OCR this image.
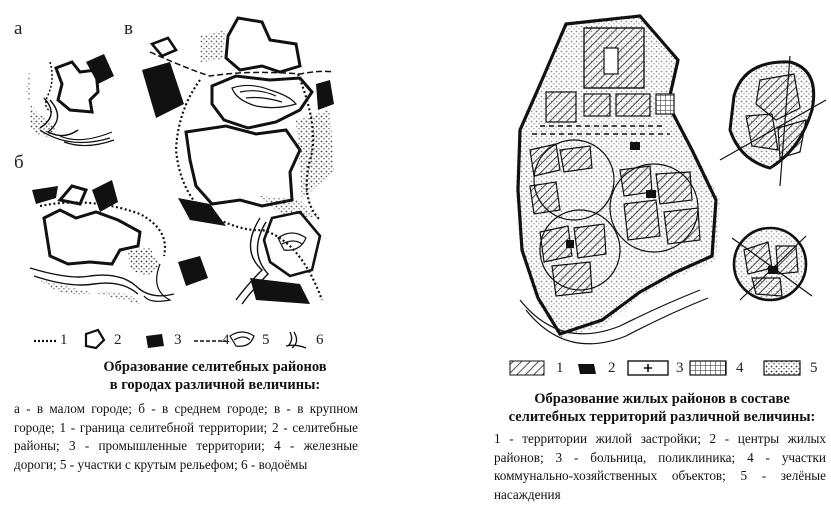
а
б
в
1	2	3	4 5	6
Образование селитебных районов
в городах различной величины:
а - в малом городе; б - в среднем городе; в - в крупном городе; 1 - граница селитебной территории; 2 - селитебные районы; 3 - промышленные территории; 4 - железные дороги; 5 - участки с крутым рельефом; 6 - водоёмы
1	2	3	4	5
Образование жилых районов в составе
селитебных территорий различной величины:
1 - территории жилой застройки; 2 - центры жилых районов; 3 - больница, поликлиника; 4 - участки коммунально-хозяйственных объектов; 5 - зелёные насаждения
